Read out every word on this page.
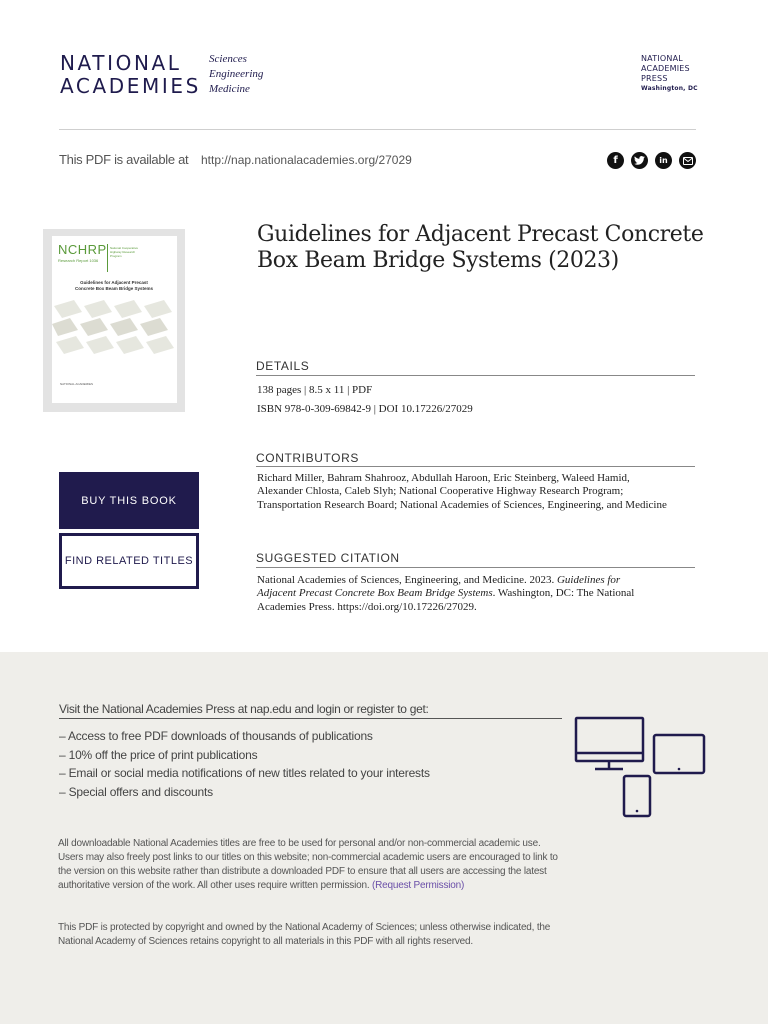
NATIONAL
ACADEMIES
Sciences
Engineering
Medicine
NATIONAL
ACADEMIES
PRESS
Washington, DC
This PDF is available at http://nap.nationalacademies.org/27029	f	in
NCHRP
Research Report 1036
National Cooperative Highway Research Program
Guidelines for Adjacent Precast Concrete Box Beam Bridge Systems
NATIONAL ACADEMIES
Guidelines for Adjacent Precast Concrete Box Beam Bridge Systems (2023)
DETAILS
138 pages | 8.5 x 11 | PDF
ISBN 978-0-309-69842-9 | DOI 10.17226/27029
CONTRIBUTORS
Richard Miller, Bahram Shahrooz, Abdullah Haroon, Eric Steinberg, Waleed Hamid, Alexander Chlosta, Caleb Slyh; National Cooperative Highway Research Program; Transportation Research Board; National Academies of Sciences, Engineering, and Medicine
BUY THIS BOOK
FIND RELATED TITLES	SUGGESTED CITATION
National Academies of Sciences, Engineering, and Medicine. 2023. Guidelines for Adjacent Precast Concrete Box Beam Bridge Systems. Washington, DC: The National Academies Press. https://doi.org/10.17226/27029.
Visit the National Academies Press at nap.edu and login or register to get:
– Access to free PDF downloads of thousands of publications
– 10% off the price of print publications
– Email or social media notifications of new titles related to your interests
– Special offers and discounts
All downloadable National Academies titles are free to be used for personal and/or non-commercial academic use. Users may also freely post links to our titles on this website; non-commercial academic users are encouraged to link to the version on this website rather than distribute a downloaded PDF to ensure that all users are accessing the latest authoritative version of the work. All other uses require written permission. (Request Permission)
This PDF is protected by copyright and owned by the National Academy of Sciences; unless otherwise indicated, the National Academy of Sciences retains copyright to all materials in this PDF with all rights reserved.
